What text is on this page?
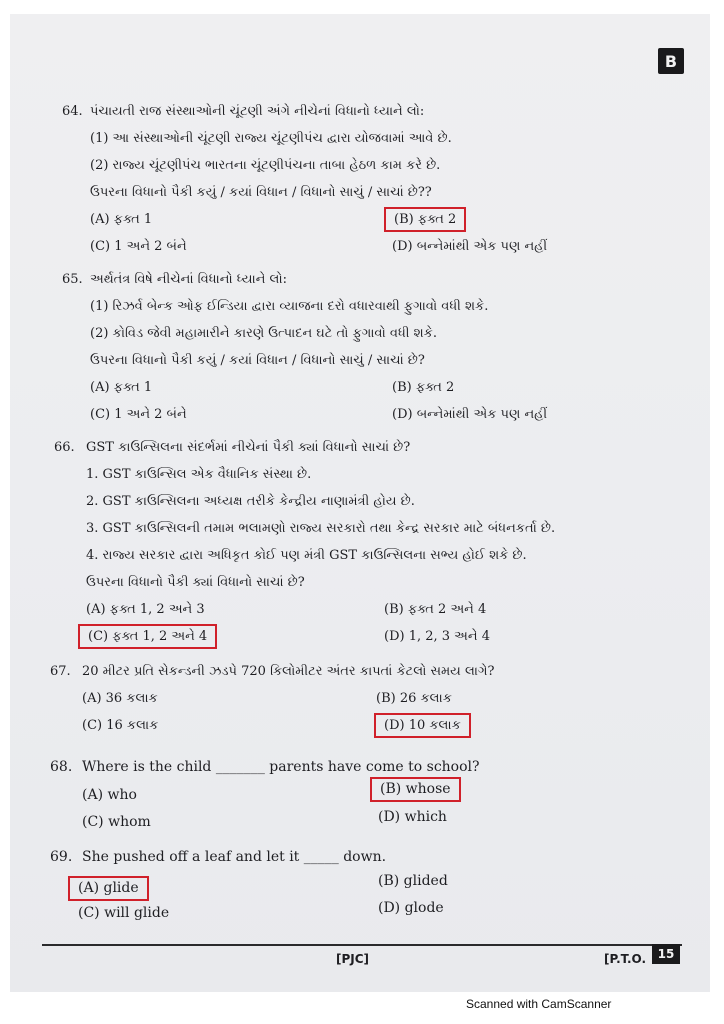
B
64. પંચાયતી રાજ સંસ્થાઓની ચૂંટણી અંગે નીચેનાં વિધાનો ધ્યાને લો:
(1) આ સંસ્થાઓની ચૂંટણી રાજ્ય ચૂંટણીપંચ દ્વારા યોજવામાં આવે છે.
(2) રાજ્ય ચૂંટણીપંચ ભારતના ચૂંટણીપંચના તાબા હેઠળ કામ કરે છે.
ઉપરના વિધાનો પૈકી કયું / કયાં વિધાન / વિધાનો સાચું / સાચાં છે??
(A) ફક્ત 1	(B) ફક્ત 2
(C) 1 અને 2 બંને	(D) બન્નેમાંથી એક પણ નહીં
65. અર્થતંત્ર વિષે નીચેનાં વિધાનો ધ્યાને લો:
(1) રિઝર્વ બેન્ક ઓફ ઈન્ડિયા દ્વારા વ્યાજના દરો વધારવાથી ફુગાવો વધી શકે.
(2) કોવિડ જેવી મહામારીને કારણે ઉત્પાદન ઘટે તો ફુગાવો વધી શકે.
ઉપરના વિધાનો પૈકી કયું / કયાં વિધાન / વિધાનો સાચું / સાચાં છે?
(A) ફક્ત 1	(B) ફક્ત 2
(C) 1 અને 2 બંને	(D) બન્નેમાંથી એક પણ નહીં
66. GST કાઉન્સિલના સંદર્ભમાં નીચેનાં પૈકી ક્યાં વિધાનો સાચાં છે?
1. GST કાઉન્સિલ એક વૈધાનિક સંસ્થા છે.
2. GST કાઉન્સિલના અધ્યક્ષ તરીકે કેન્દ્રીય નાણામંત્રી હોય છે.
3. GST કાઉન્સિલની તમામ ભલામણો રાજ્ય સરકારો તથા કેન્દ્ર સરકાર માટે બંધનકર્તા છે.
4. રાજ્ય સરકાર દ્વારા અધિકૃત કોઈ પણ મંત્રી GST કાઉન્સિલના સભ્ય હોઈ શકે છે.
ઉપરના વિધાનો પૈકી ક્યાં વિધાનો સાચાં છે?
(A) ફક્ત 1, 2 અને 3	(B) ફક્ત 2 અને 4
(C) ફક્ત 1, 2 અને 4	(D) 1, 2, 3 અને 4
67. 20 મીટર પ્રતિ સેકન્ડની ઝડપે 720 કિલોમીટર અંતર કાપતાં કેટલો સમય લાગે?
(A) 36 કલાક	(B) 26 કલાક
(C) 16 કલાક	(D) 10 કલાક
68. Where is the child _______ parents have come to school?
(A) who	(B) whose
(C) whom	(D) which
69. She pushed off a leaf and let it _____ down.
(A) glide	(B) glided
(C) will glide	(D) glode
[PJC]	[P.T.O. 15
Scanned with CamScanner
